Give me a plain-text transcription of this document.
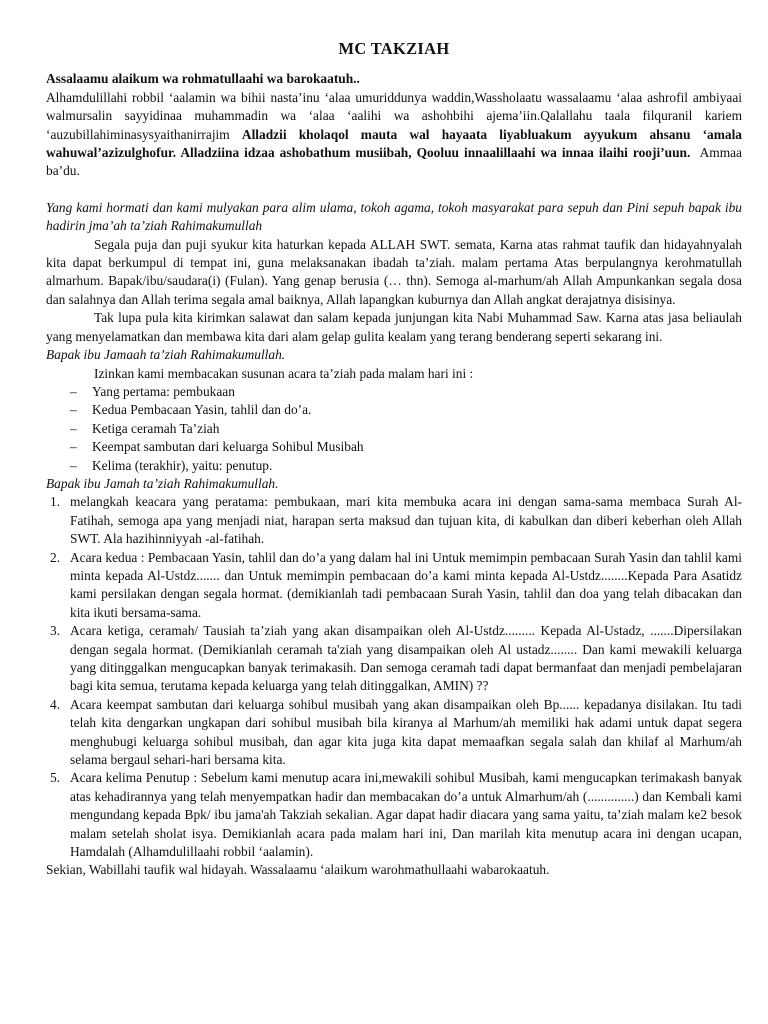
MC TAKZIAH

Assalaamu alaikum wa rohmatullaahi wa barokaatuh..

Alhamdulillahi robbil ‘aalamin wa bihii nasta’inu ‘alaa umuriddunya waddin,Wassholaatu wassalaamu ‘alaa ashrofil ambiyaai walmursalin sayyidinaa muhammadin wa ‘alaa ‘aalihi wa ashohbihi ajema’iin.Qalallahu taala filquranil kariem ‘auzubillahiminasysyaithanirrajim Alladzii kholaqol mauta wal hayaata liyabluakum ayyukum ahsanu ‘amala wahuwal’azizulghofur. Alladziina idzaa ashobathum musiibah, Qooluu innaalillaahi wa innaa ilaihi rooji’uun. Ammaa ba’du.

Yang kami hormati dan kami mulyakan para alim ulama, tokoh agama, tokoh masyarakat para sepuh dan Pini sepuh bapak ibu hadirin jma’ah ta’ziah Rahimakumullah

Segala puja dan puji syukur kita haturkan kepada ALLAH SWT. semata, Karna atas rahmat taufik dan hidayahnyalah kita dapat berkumpul di tempat ini, guna melaksanakan ibadah ta’ziah. malam pertama Atas berpulangnya kerohmatullah almarhum. Bapak/ibu/saudara(i) (Fulan). Yang genap berusia (… thn). Semoga al-marhum/ah Allah Ampunkankan segala dosa dan salahnya dan Allah terima segala amal baiknya, Allah lapangkan kuburnya dan Allah angkat derajatnya disisinya.

Tak lupa pula kita kirimkan salawat dan salam kepada junjungan kita Nabi Muhammad Saw. Karna atas jasa beliaulah yang menyelamatkan dan membawa kita dari alam gelap gulita kealam yang terang benderang seperti sekarang ini.

Bapak ibu Jamaah ta’ziah Rahimakumullah.

Izinkan kami membacakan susunan acara ta’ziah pada malam hari ini :

– Yang pertama: pembukaan
– Kedua Pembacaan Yasin, tahlil dan do’a.
– Ketiga ceramah Ta’ziah
– Keempat sambutan dari keluarga Sohibul Musibah
– Kelima (terakhir), yaitu: penutup.

Bapak ibu Jamah ta’ziah Rahimakumullah.

1. melangkah keacara yang peratama: pembukaan, mari kita membuka acara ini dengan sama-sama membaca Surah Al- Fatihah, semoga apa yang menjadi niat, harapan serta maksud dan tujuan kita, di kabulkan dan diberi keberhan oleh Allah SWT. Ala hazihinniyyah -al-fatihah.
2. Acara kedua : Pembacaan Yasin, tahlil dan do’a yang dalam hal ini Untuk memimpin pembacaan Surah Yasin dan tahlil kami minta kepada Al-Ustdz....... dan Untuk memimpin pembacaan do’a kami minta kepada Al-Ustdz........Kepada Para Asatidz kami persilakan dengan segala hormat. (demikianlah tadi pembacaan Surah Yasin, tahlil dan doa yang telah dibacakan dan kita ikuti bersama-sama.
3. Acara ketiga, ceramah/ Tausiah ta’ziah yang akan disampaikan oleh Al-Ustdz......... Kepada Al-Ustadz, .......Dipersilakan dengan segala hormat. (Demikianlah ceramah ta'ziah yang disampaikan oleh Al ustadz........ Dan kami mewakili keluarga yang ditinggalkan mengucapkan banyak terimakasih. Dan semoga ceramah tadi dapat bermanfaat dan menjadi pembelajaran bagi kita semua, terutama kepada keluarga yang telah ditinggalkan, AMIN) ??
4. Acara keempat sambutan dari keluarga sohibul musibah yang akan disampaikan oleh Bp...... kepadanya disilakan. Itu tadi telah kita dengarkan ungkapan dari sohibul musibah bila kiranya al Marhum/ah memiliki hak adami untuk dapat segera menghubugi keluarga sohibul musibah, dan agar kita juga kita dapat memaafkan segala salah dan khilaf al Marhum/ah selama bergaul sehari-hari bersama kita.
5. Acara kelima Penutup : Sebelum kami menutup acara ini,mewakili sohibul Musibah, kami mengucapkan terimakash banyak atas kehadirannya yang telah menyempatkan hadir dan membacakan do’a untuk Almarhum/ah (..............) dan Kembali kami mengundang kepada Bpk/ ibu jama'ah Takziah sekalian. Agar dapat hadir diacara yang sama yaitu, ta’ziah malam ke2 besok malam setelah sholat isya. Demikianlah acara pada malam hari ini, Dan marilah kita menutup acara ini dengan ucapan, Hamdalah (Alhamdulillaahi robbil ‘aalamin).

Sekian, Wabillahi taufik wal hidayah. Wassalaamu ‘alaikum warohmathullaahi wabarokaatuh.
